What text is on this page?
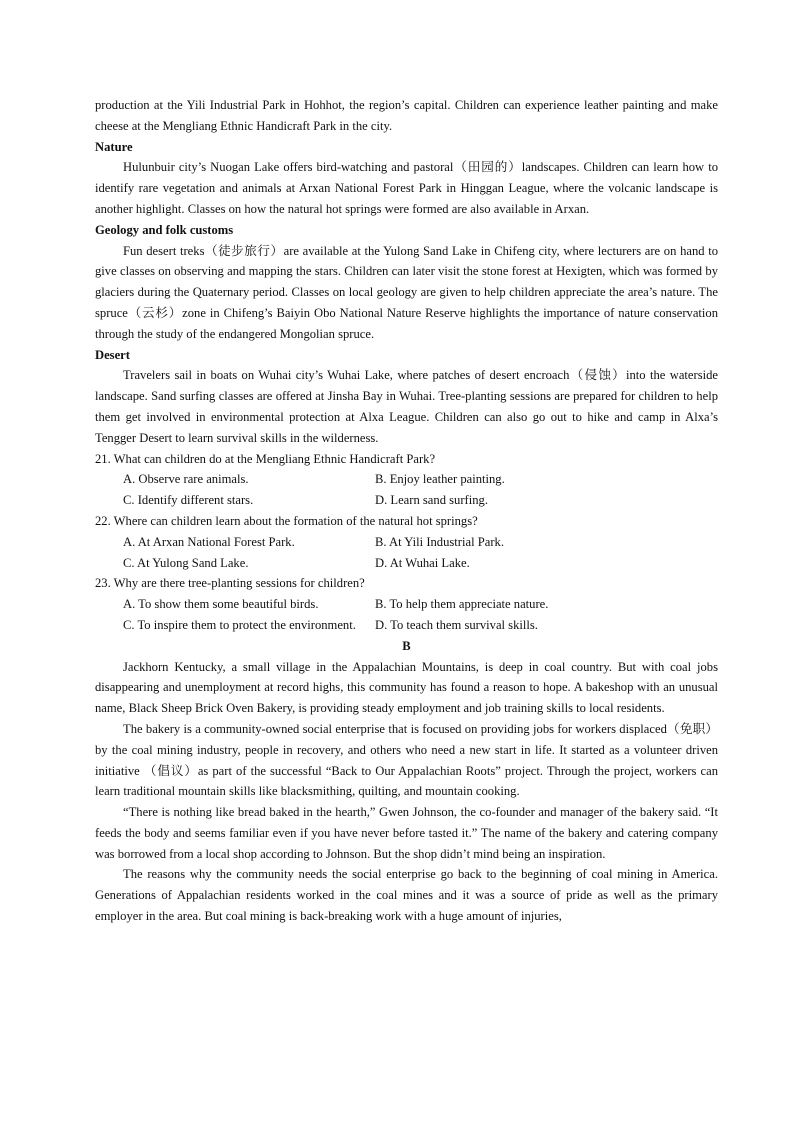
production at the Yili Industrial Park in Hohhot, the region’s capital. Children can experience leather painting and make cheese at the Mengliang Ethnic Handicraft Park in the city.

Nature

Hulunbuir city’s Nuogan Lake offers bird-watching and pastoral（田园的）landscapes. Children can learn how to identify rare vegetation and animals at Arxan National Forest Park in Hinggan League, where the volcanic landscape is another highlight. Classes on how the natural hot springs were formed are also available in Arxan.

Geology and folk customs

Fun desert treks（徒步旅行）are available at the Yulong Sand Lake in Chifeng city, where lecturers are on hand to give classes on observing and mapping the stars. Children can later visit the stone forest at Hexigten, which was formed by glaciers during the Quaternary period. Classes on local geology are given to help children appreciate the area’s nature. The spruce（云杉）zone in Chifeng’s Baiyin Obo National Nature Reserve highlights the importance of nature conservation through the study of the endangered Mongolian spruce.

Desert

Travelers sail in boats on Wuhai city’s Wuhai Lake, where patches of desert encroach（侵蚀）into the waterside landscape. Sand surfing classes are offered at Jinsha Bay in Wuhai. Tree-planting sessions are prepared for children to help them get involved in environmental protection at Alxa League. Children can also go out to hike and camp in Alxa’s Tengger Desert to learn survival skills in the wilderness.

21. What can children do at the Mengliang Ethnic Handicraft Park?

A. Observe rare animals.	B. Enjoy leather painting.
C. Identify different stars.	D. Learn sand surfing.

22. Where can children learn about the formation of the natural hot springs?

A. At Arxan National Forest Park.	B. At Yili Industrial Park.
C. At Yulong Sand Lake.	D. At Wuhai Lake.

23. Why are there tree-planting sessions for children?

A. To show them some beautiful birds.	B. To help them appreciate nature.
C. To inspire them to protect the environment.	D. To teach them survival skills.

B

Jackhorn Kentucky, a small village in the Appalachian Mountains, is deep in coal country. But with coal jobs disappearing and unemployment at record highs, this community has found a reason to hope. A bakeshop with an unusual name, Black Sheep Brick Oven Bakery, is providing steady employment and job training skills to local residents.

The bakery is a community-owned social enterprise that is focused on providing jobs for workers displaced（免职）by the coal mining industry, people in recovery, and others who need a new start in life. It started as a volunteer driven initiative （倡议）as part of the successful “Back to Our Appalachian Roots” project. Through the project, workers can learn traditional mountain skills like blacksmithing, quilting, and mountain cooking.

“There is nothing like bread baked in the hearth,” Gwen Johnson, the co-founder and manager of the bakery said. “It feeds the body and seems familiar even if you have never before tasted it.” The name of the bakery and catering company was borrowed from a local shop according to Johnson. But the shop didn’t mind being an inspiration.

The reasons why the community needs the social enterprise go back to the beginning of coal mining in America. Generations of Appalachian residents worked in the coal mines and it was a source of pride as well as the primary employer in the area. But coal mining is back-breaking work with a huge amount of injuries,
